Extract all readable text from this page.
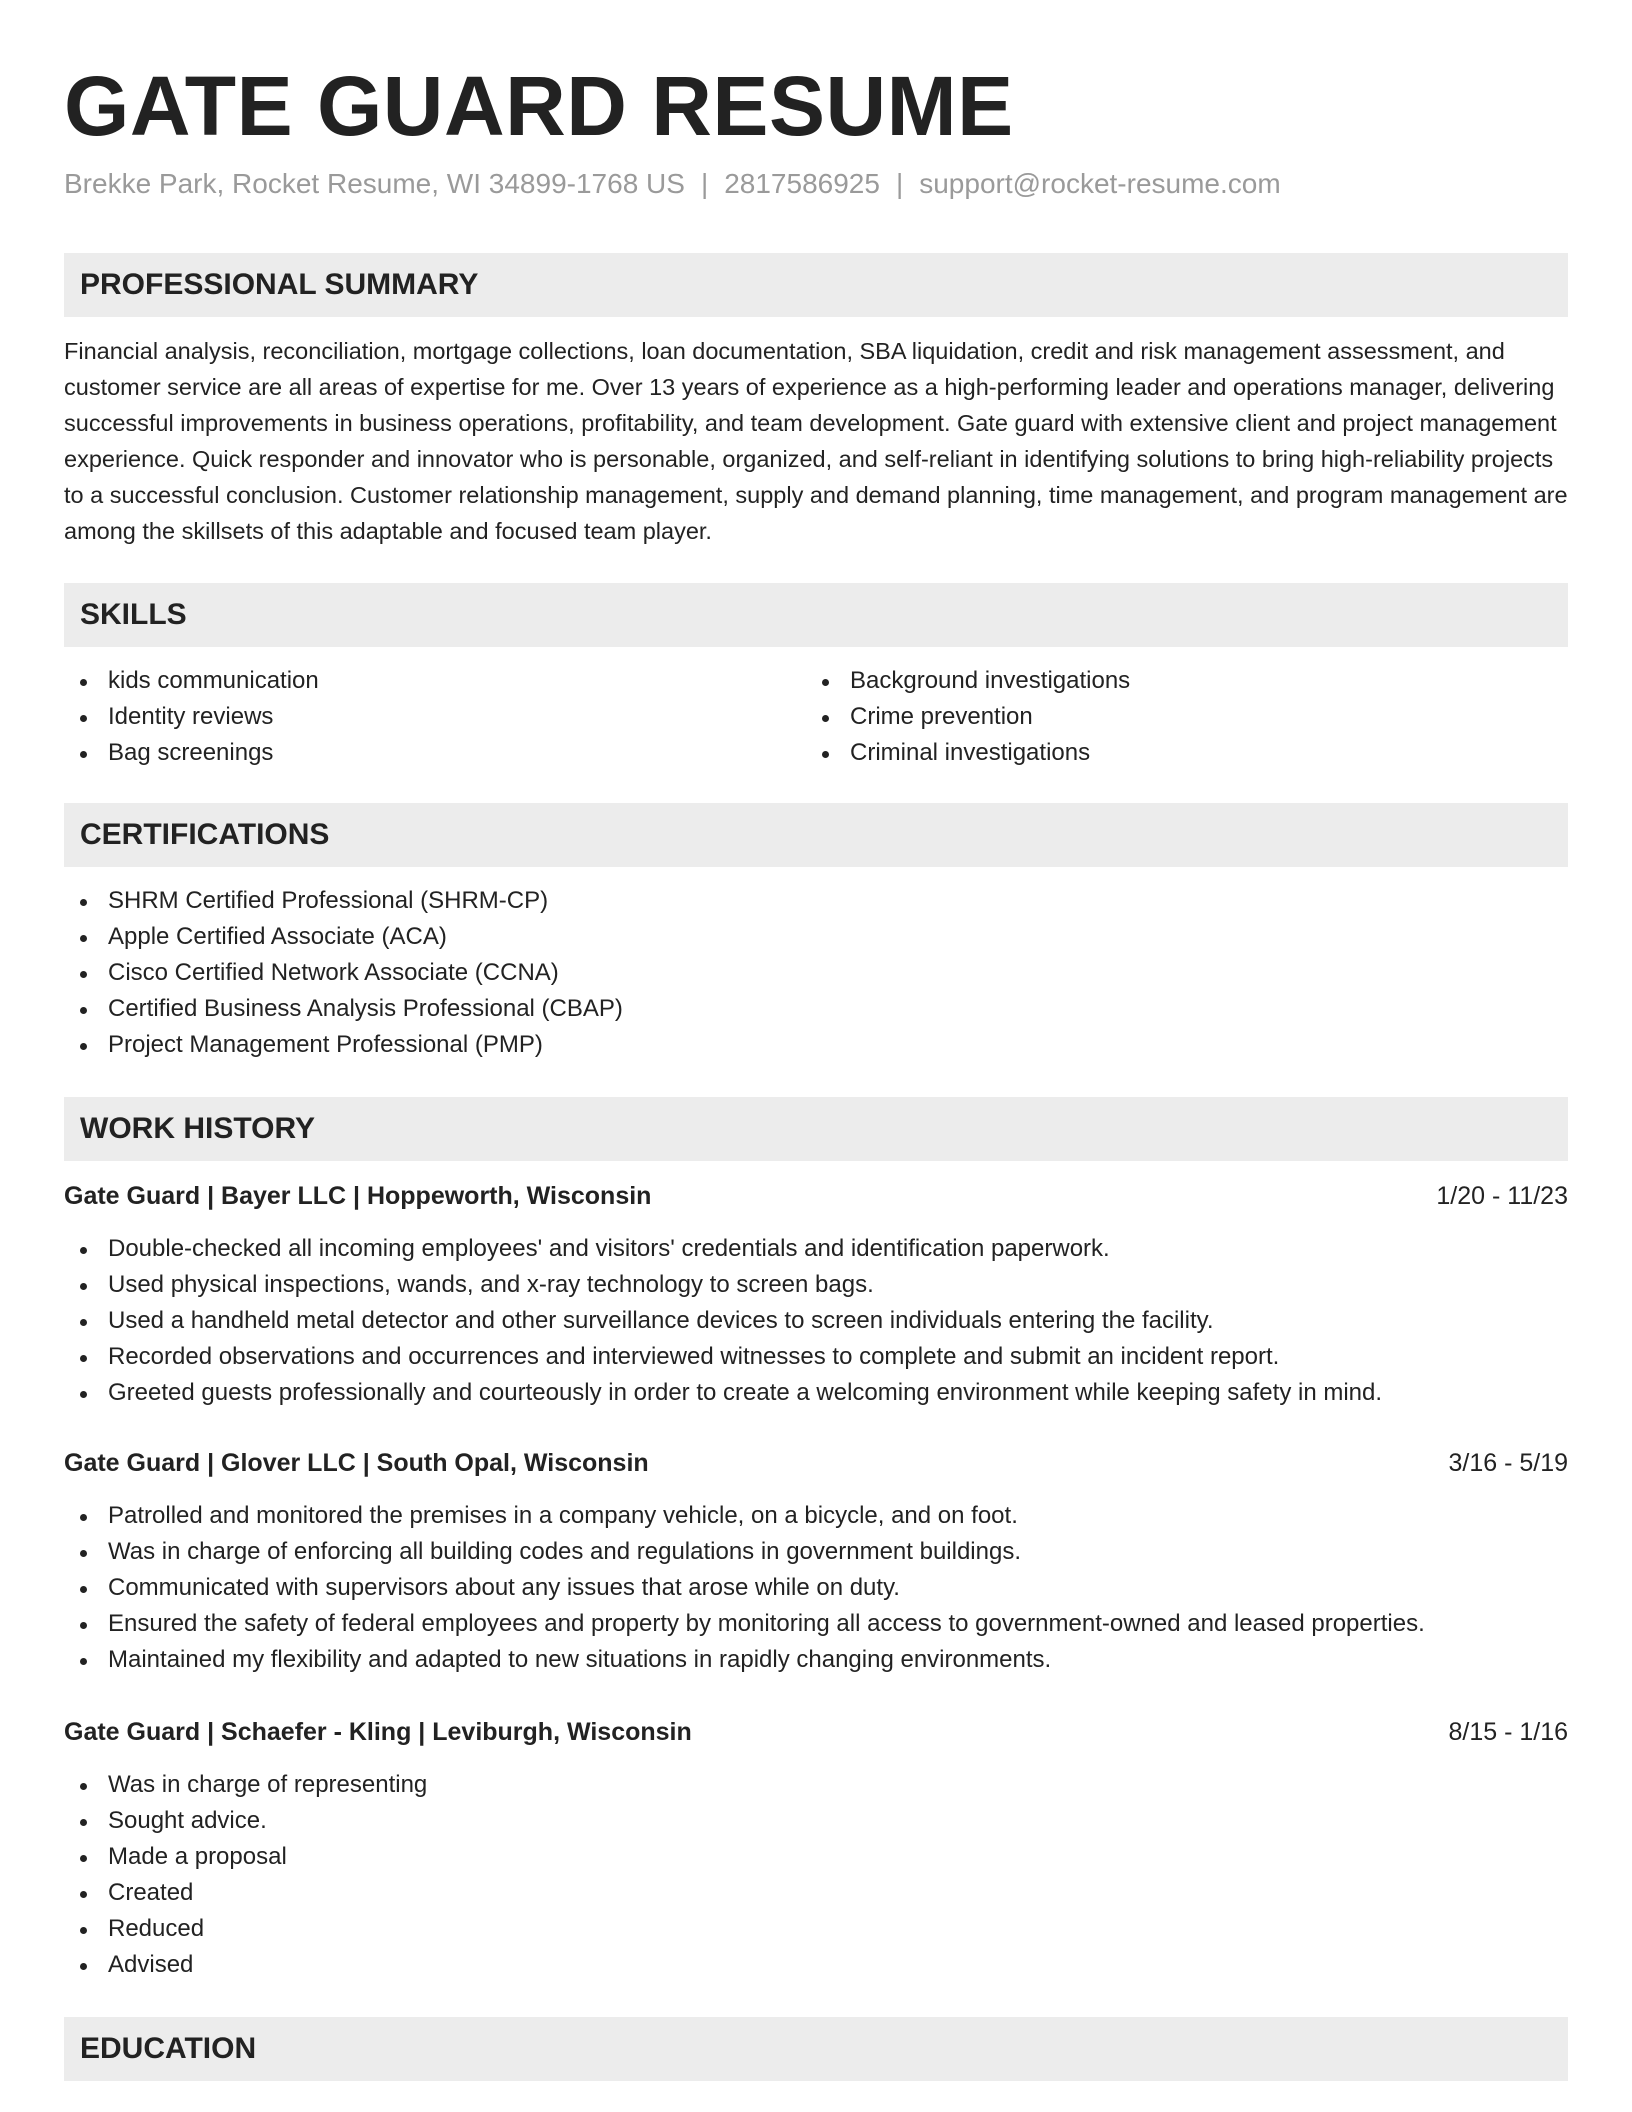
GATE GUARD RESUME
Brekke Park, Rocket Resume, WI 34899-1768 US | 2817586925 | support@rocket-resume.com
PROFESSIONAL SUMMARY

Financial analysis, reconciliation, mortgage collections, loan documentation, SBA liquidation, credit and risk management assessment, and customer service are all areas of expertise for me. Over 13 years of experience as a high-performing leader and operations manager, delivering successful improvements in business operations, profitability, and team development. Gate guard with extensive client and project management experience. Quick responder and innovator who is personable, organized, and self-reliant in identifying solutions to bring high-reliability projects to a successful conclusion. Customer relationship management, supply and demand planning, time management, and program management are among the skillsets of this adaptable and focused team player.

SKILLS
kids communication
Identity reviews
Bag screenings
Background investigations
Crime prevention
Criminal investigations
CERTIFICATIONS
SHRM Certified Professional (SHRM-CP)
Apple Certified Associate (ACA)
Cisco Certified Network Associate (CCNA)
Certified Business Analysis Professional (CBAP)
Project Management Professional (PMP)
WORK HISTORY
Gate Guard | Bayer LLC | Hoppeworth, Wisconsin	1/20 - 11/23
Double-checked all incoming employees' and visitors' credentials and identification paperwork.
Used physical inspections, wands, and x-ray technology to screen bags.
Used a handheld metal detector and other surveillance devices to screen individuals entering the facility.
Recorded observations and occurrences and interviewed witnesses to complete and submit an incident report.
Greeted guests professionally and courteously in order to create a welcoming environment while keeping safety in mind.
Gate Guard | Glover LLC | South Opal, Wisconsin	3/16 - 5/19
Patrolled and monitored the premises in a company vehicle, on a bicycle, and on foot.
Was in charge of enforcing all building codes and regulations in government buildings.
Communicated with supervisors about any issues that arose while on duty.
Ensured the safety of federal employees and property by monitoring all access to government-owned and leased properties.
Maintained my flexibility and adapted to new situations in rapidly changing environments.
Gate Guard | Schaefer - Kling | Leviburgh, Wisconsin	8/15 - 1/16
Was in charge of representing
Sought advice.
Made a proposal
Created
Reduced
Advised
EDUCATION
